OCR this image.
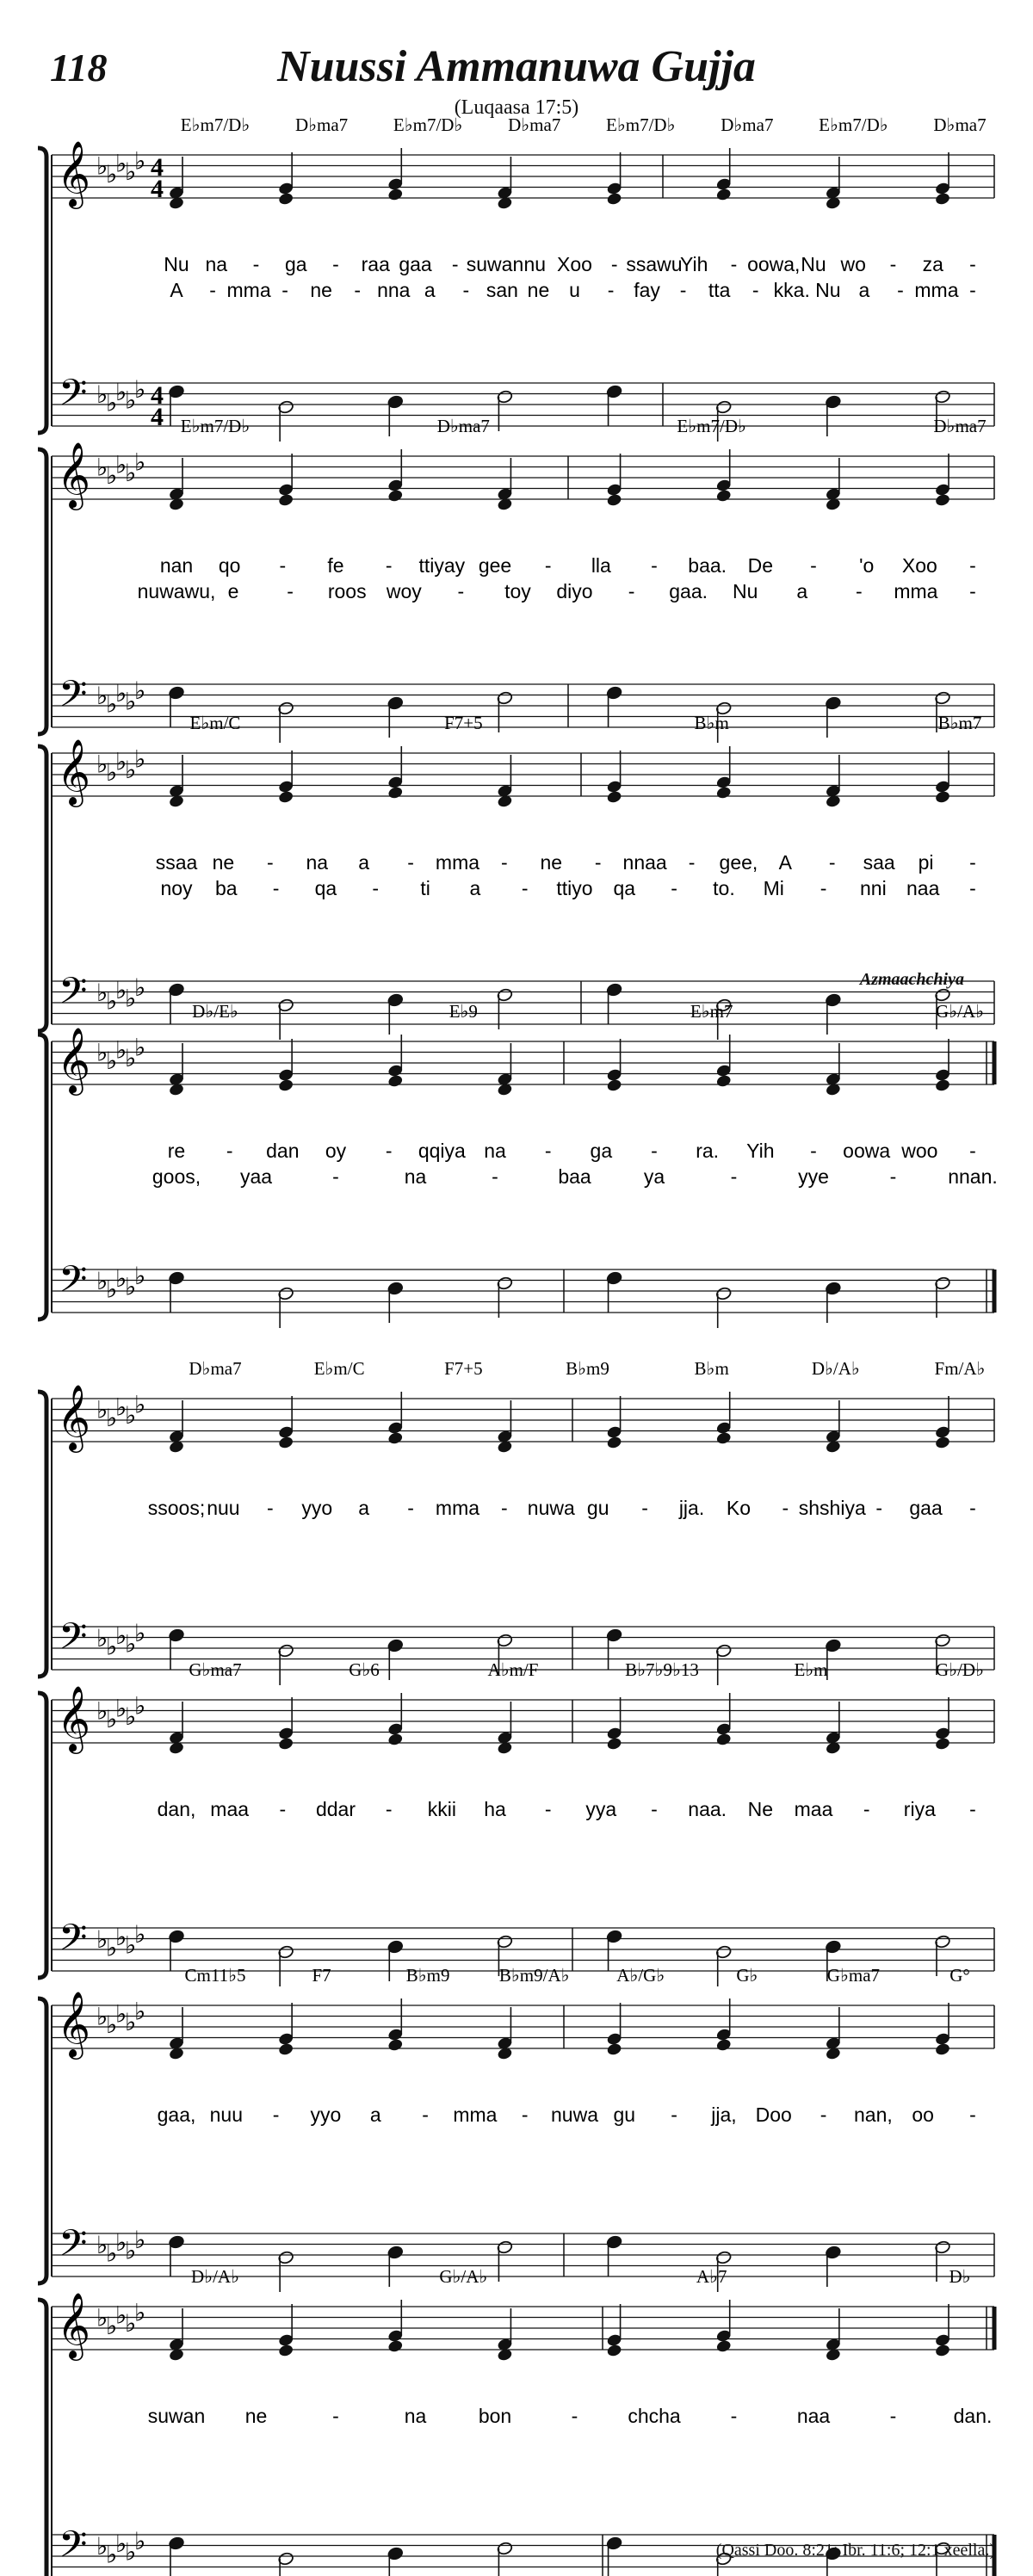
118	Nuussi Ammanuwa Gujja
(Luqaasa 17:5)
Azmaachchiya
𝄞
𝄢
♭
♭
♭
♭
♭
♭
♭
♭
♭
♭
4
4
4
4
E♭m7/D♭	D♭ma7	E♭m7/D♭	D♭ma7	E♭m7/D♭	D♭ma7	E♭m7/D♭	D♭ma7
Nu na - ga - raa gaa - suwan nu Xoo - ssawu
Yih - oowa, Nu wo - za -
A - mma - ne - nna a - san ne u - fay - tta - kka. Nu a - mma -
𝄞
𝄢
♭
♭
♭
♭
♭
♭
♭
♭
♭
♭
E♭m7/D♭	D♭ma7	E♭m7/D♭	D♭ma7
nan qo - fe - ttiyay gee - lla - baa. De - 'o Xoo -
nuwawu, e - roos woy - toy diyo - gaa. Nu a - mma -
𝄞
𝄢
♭
♭
♭
♭
♭
♭
♭
♭
♭
♭
E♭m/C	F7+5	B♭m	B♭m7
ssaa ne - na a - mma - ne - nnaa - gee, A - saa pi -
noy ba - qa - ti a - ttiyo qa - to. Mi - nni naa -
𝄞
𝄢
♭
♭
♭
♭
♭
♭
♭
♭
♭
♭
D♭/E♭	E♭9	E♭m7	G♭/A♭
re - dan oy - qqiya na - ga - ra. Yih - oowa woo -
goos, yaa	-	na	-	baa	ya	-	yye	-	nnan.
𝄞
𝄢
♭
♭
♭
♭
♭
♭
♭
♭
♭
♭
D♭ma7	E♭m/C	F7+5	B♭m9	B♭m	D♭/A♭	Fm/A♭
ssoos; nuu - yyo a - mma - nuwa gu - jja. Ko - shshiya - gaa -
𝄞
𝄢
♭
♭
♭
♭
♭
♭
♭
♭
♭
♭
G♭ma7	G♭6	A♭m/F	B♭7♭9♭13	E♭m	G♭/D♭
dan, maa - ddar - kkii ha - yya - naa. Ne maa - riya -
𝄞
𝄢
♭
♭
♭
♭
♭
♭
♭
♭
♭
♭
Cm11♭5	F7	B♭m9	B♭m9/A♭	A♭/G♭	G♭	G♭ma7	G°
gaa, nuu - yyo a - mma - nuwa gu - jja, Doo - nan, oo -
𝄞
𝄢
♭
♭
♭
♭
♭
♭
♭
♭
♭
♭
D♭/A♭	G♭/A♭	A♭7	D♭
suwan ne	-	na	bon	-	chcha	-	naa	-	dan.
(Qassi Doo. 8:21; Ibr. 11:6; 12:1 xeella.)
